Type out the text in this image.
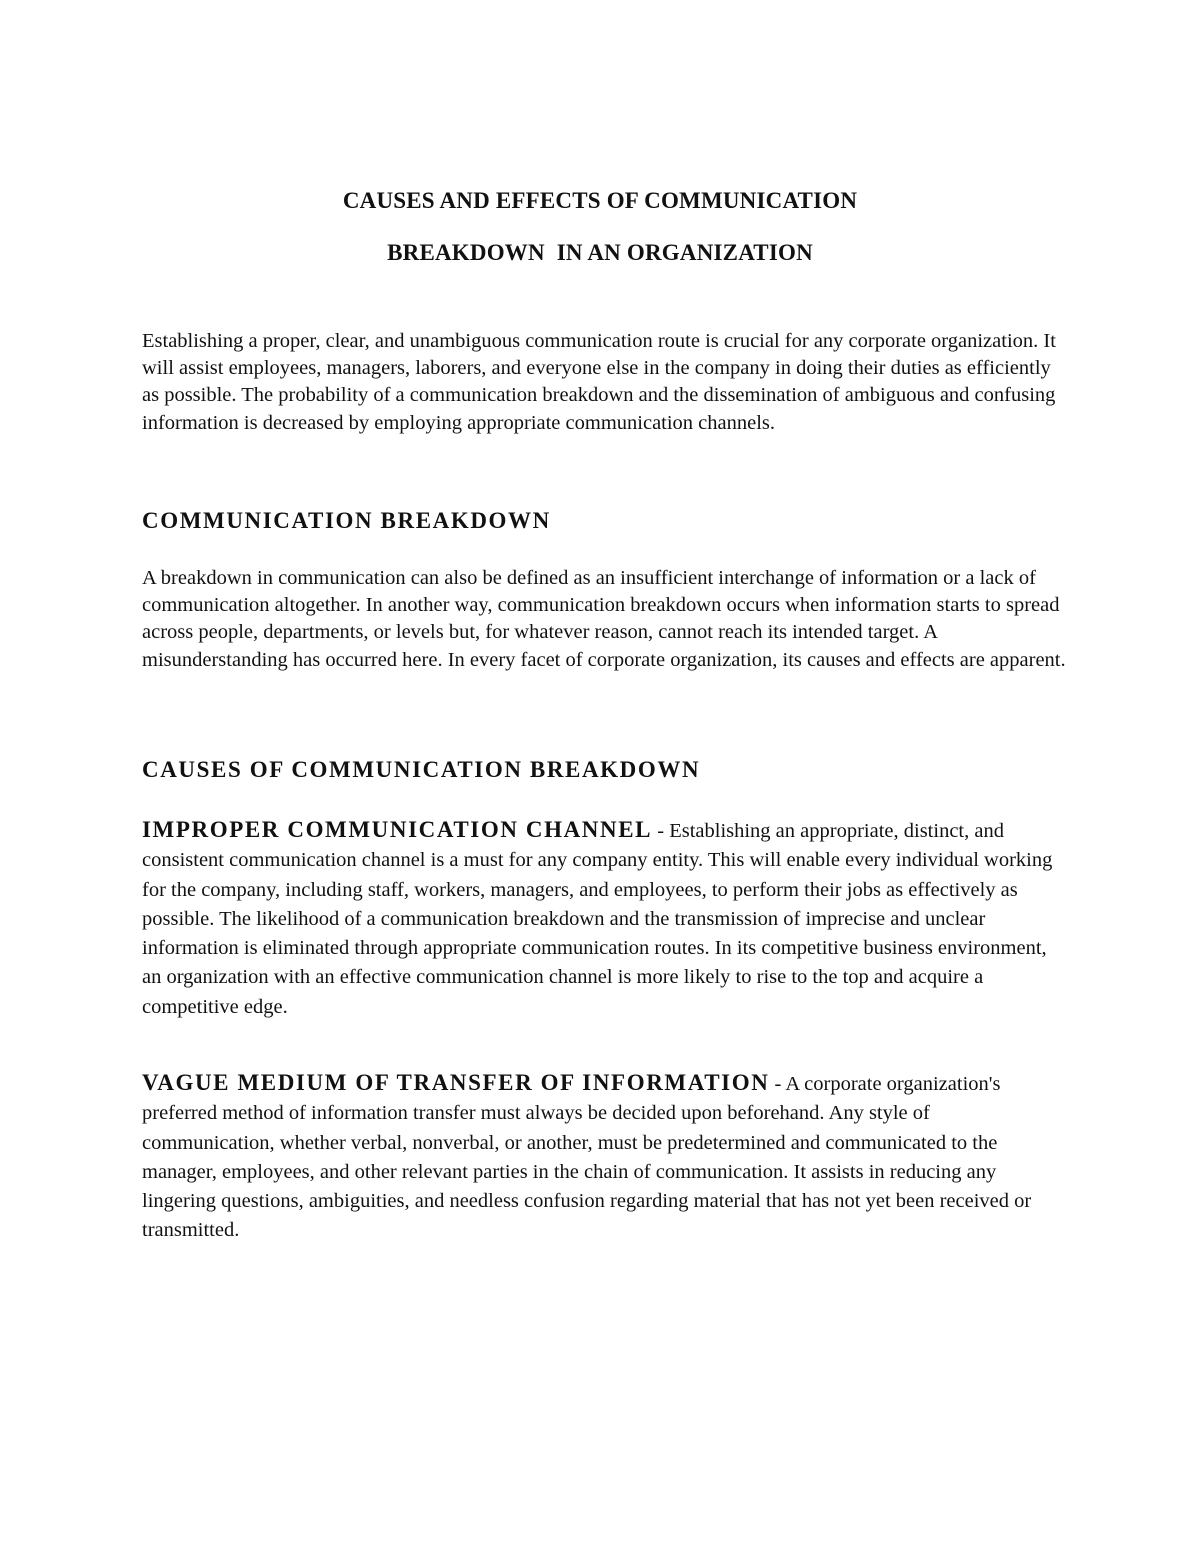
CAUSES AND EFFECTS OF COMMUNICATION
BREAKDOWN  IN AN ORGANIZATION

Establishing a proper, clear, and unambiguous communication route is crucial for any corporate organization. It will assist employees, managers, laborers, and everyone else in the company in doing their duties as efficiently as possible. The probability of a communication breakdown and the dissemination of ambiguous and confusing information is decreased by employing appropriate communication channels.

COMMUNICATION BREAKDOWN

A breakdown in communication can also be defined as an insufficient interchange of information or a lack of communication altogether. In another way, communication breakdown occurs when information starts to spread across people, departments, or levels but, for whatever reason, cannot reach its intended target. A misunderstanding has occurred here. In every facet of corporate organization, its causes and effects are apparent.

CAUSES OF COMMUNICATION BREAKDOWN

IMPROPER COMMUNICATION CHANNEL - Establishing an appropriate, distinct, and consistent communication channel is a must for any company entity. This will enable every individual working for the company, including staff, workers, managers, and employees, to perform their jobs as effectively as possible. The likelihood of a communication breakdown and the transmission of imprecise and unclear information is eliminated through appropriate communication routes. In its competitive business environment, an organization with an effective communication channel is more likely to rise to the top and acquire a competitive edge.

VAGUE MEDIUM OF TRANSFER OF INFORMATION - A corporate organization's preferred method of information transfer must always be decided upon beforehand. Any style of communication, whether verbal, nonverbal, or another, must be predetermined and communicated to the manager, employees, and other relevant parties in the chain of communication. It assists in reducing any lingering questions, ambiguities, and needless confusion regarding material that has not yet been received or transmitted.
